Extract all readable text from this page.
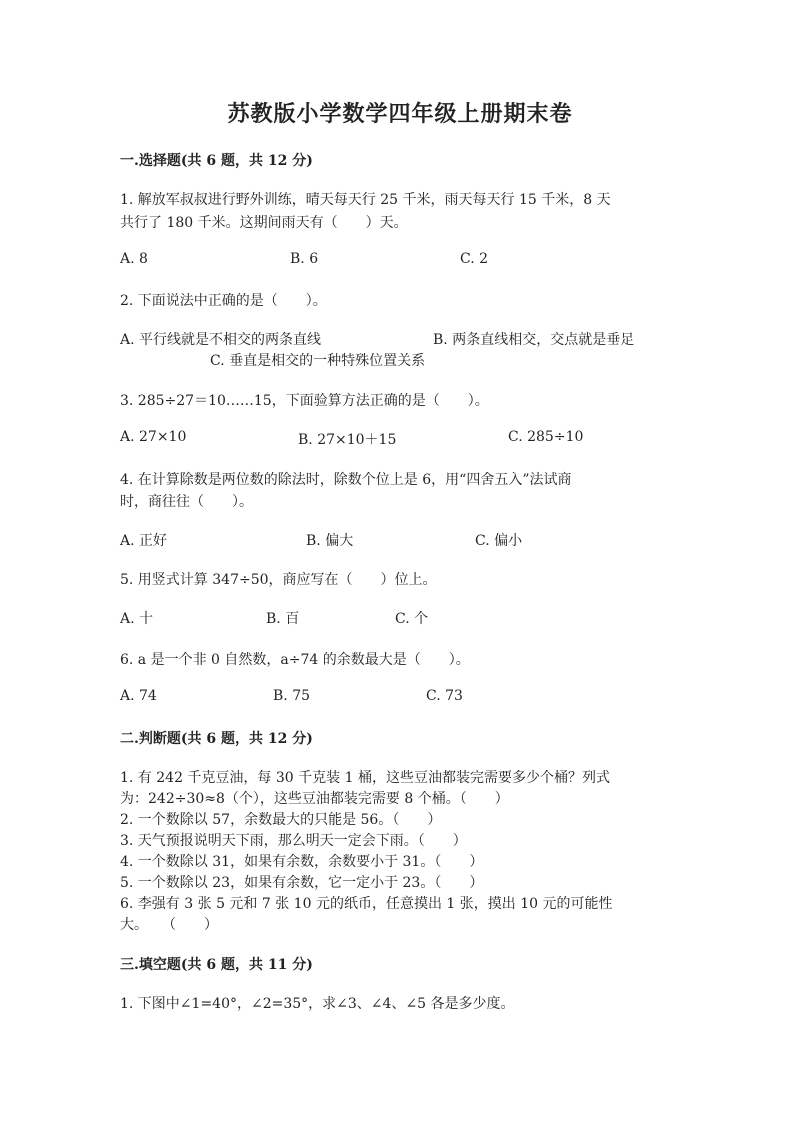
苏教版小学数学四年级上册期末卷
一.选择题(共 6 题，共 12 分)
1. 解放军叔叔进行野外训练，晴天每天行 25 千米，雨天每天行 15 千米，8 天
共行了 180 千米。这期间雨天有（　　）天。
A. 8	B. 6	C. 2
2. 下面说法中正确的是（　　）。
A. 平行线就是不相交的两条直线	B. 两条直线相交，交点就是垂足
C. 垂直是相交的一种特殊位置关系
3. 285÷27＝10……15，下面验算方法正确的是（　　）。
A. 27×10	B. 27×10＋15	C. 285÷10
4. 在计算除数是两位数的除法时，除数个位上是 6，用“四舍五入”法试商
时，商往往（　　）。
A. 正好	B. 偏大	C. 偏小
5. 用竖式计算 347÷50，商应写在（　　）位上。
A. 十	B. 百	C. 个
6. a 是一个非 0 自然数，a÷74 的余数最大是（　　）。
A. 74	B. 75	C. 73
二.判断题(共 6 题，共 12 分)
1. 有 242 千克豆油，每 30 千克装 1 桶，这些豆油都装完需要多少个桶？列式
为：242÷30≈8（个），这些豆油都装完需要 8 个桶。（　　）
2. 一个数除以 57，余数最大的只能是 56。（　　）
3. 天气预报说明天下雨，那么明天一定会下雨。（　　）
4. 一个数除以 31，如果有余数，余数要小于 31。（　　）
5. 一个数除以 23，如果有余数，它一定小于 23。（　　）
6. 李强有 3 张 5 元和 7 张 10 元的纸币，任意摸出 1 张，摸出 10 元的可能性
大。　　（　　）
三.填空题(共 6 题，共 11 分)
1. 下图中∠1=40°，∠2=35°，求∠3、∠4、∠5 各是多少度。
